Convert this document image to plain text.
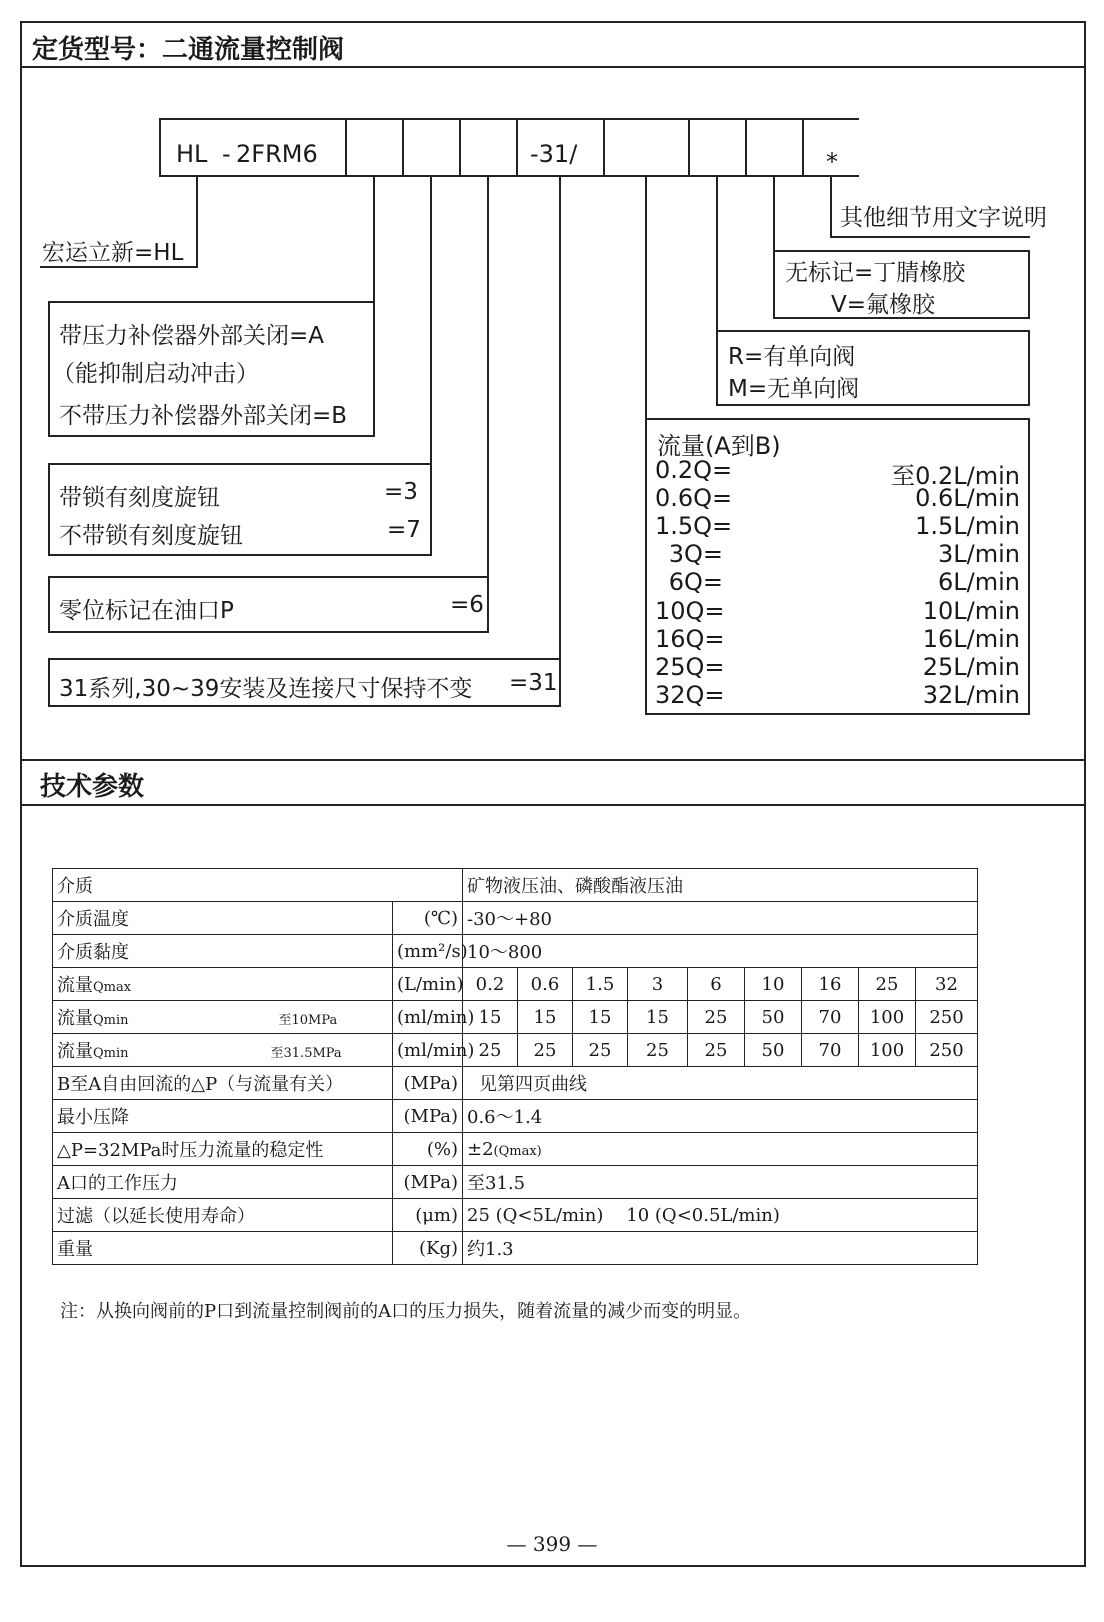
定货型号：二通流量控制阀
HL - 2FRM6	-31/	*
宏运立新=HL
其他细节用文字说明
无标记=丁腈橡胶
V=氟橡胶
R=有单向阀
M=无单向阀
带压力补偿器外部关闭=A
（能抑制启动冲击）
不带压力补偿器外部关闭=B
带锁有刻度旋钮	=3
不带锁有刻度旋钮	=7
零位标记在油口P	=6
31系列,30~39安装及连接尺寸保持不变 =31
流量(A到B)
0.2Q=	至0.2L/min
0.6Q=	0.6L/min
1.5Q=	1.5L/min
3Q=	3L/min
6Q=	6L/min
10Q=	10L/min
16Q=	16L/min
25Q=	25L/min
32Q=	32L/min
技术参数
介质		矿物液压油、磷酸酯液压油								
介质温度	(℃)	-30～+80								
介质黏度	(mm²/s)	10～800								
流量Qmax	(L/min)	0.2	0.6	1.5	3	6	10	16	25	32
流量Qmin 至10MPa	(ml/min)	15	15	15	15	25	50	70	100	250
流量Qmin 至31.5MPa	(ml/min)	25	25	25	25	25	50	70	100	250
B至A自由回流的△P（与流量有关）	(MPa)	见第四页曲线								
最小压降	(MPa)	0.6～1.4								
△P=32MPa时压力流量的稳定性	(%)	±2(Qmax)								
A口的工作压力	(MPa)	至31.5								
过滤（以延长使用寿命）	(μm)	25 (Q<5L/min)    10 (Q<0.5L/min)								
重量	(Kg)	约1.3								
注：从换向阀前的P口到流量控制阀前的A口的压力损失，随着流量的减少而变的明显。
— 399 —
